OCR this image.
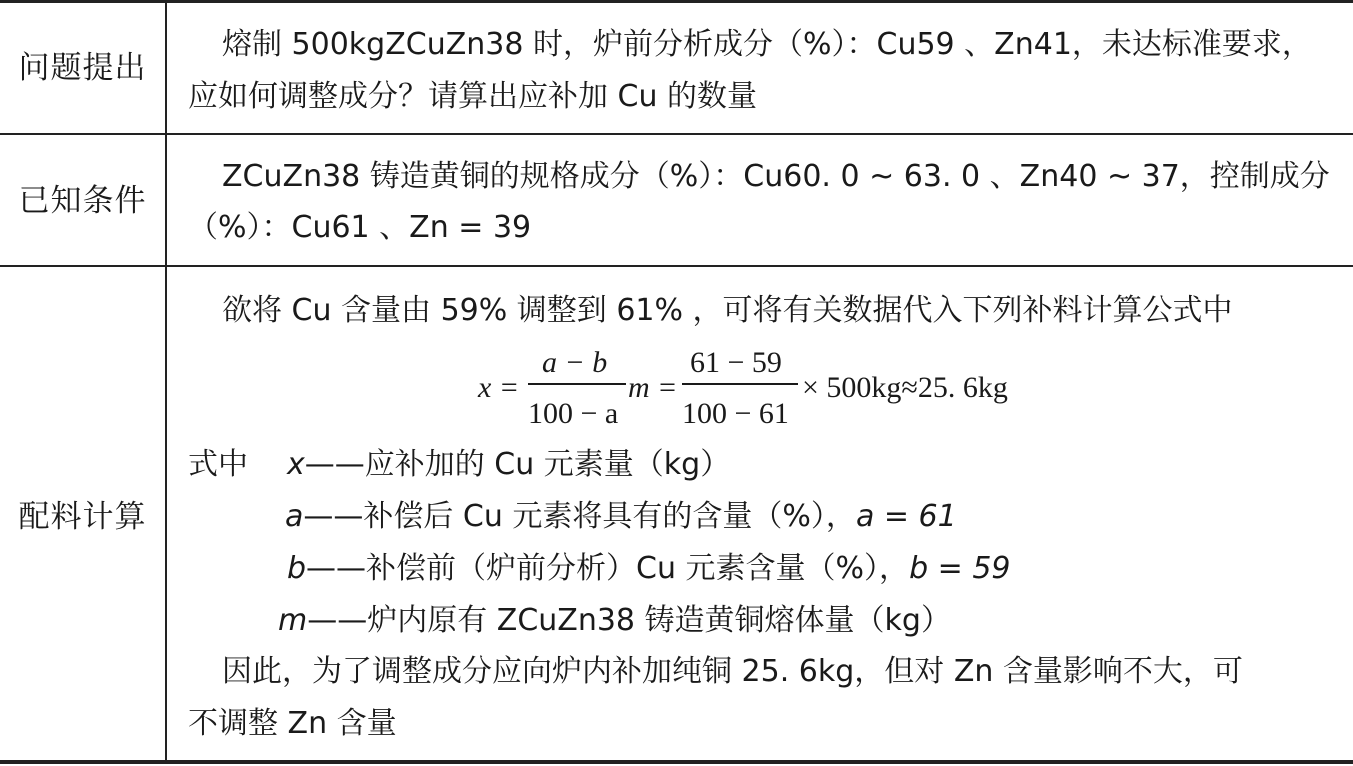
问题提出
熔制 500kgZCuZn38 时，炉前分析成分（%）：Cu59 、Zn41，未达标准要求，
应如何调整成分？请算出应补加 Cu 的数量
已知条件
ZCuZn38 铸造黄铜的规格成分（%）：Cu60. 0 ~ 63. 0 、Zn40 ~ 37，控制成分
（%）：Cu61 、Zn = 39
配料计算
欲将 Cu 含量由 59% 调整到 61% ，可将有关数据代入下列补料计算公式中
x =
a − b
100 − a
m =
61 − 59
100 − 61
× 500kg≈25. 6kg
式中 x——应补加的 Cu 元素量（kg）
a——补偿后 Cu 元素将具有的含量（%），a = 61
b——补偿前（炉前分析）Cu 元素含量（%），b = 59
m——炉内原有 ZCuZn38 铸造黄铜熔体量（kg）
因此，为了调整成分应向炉内补加纯铜 25. 6kg，但对 Zn 含量影响不大，可
不调整 Zn 含量
